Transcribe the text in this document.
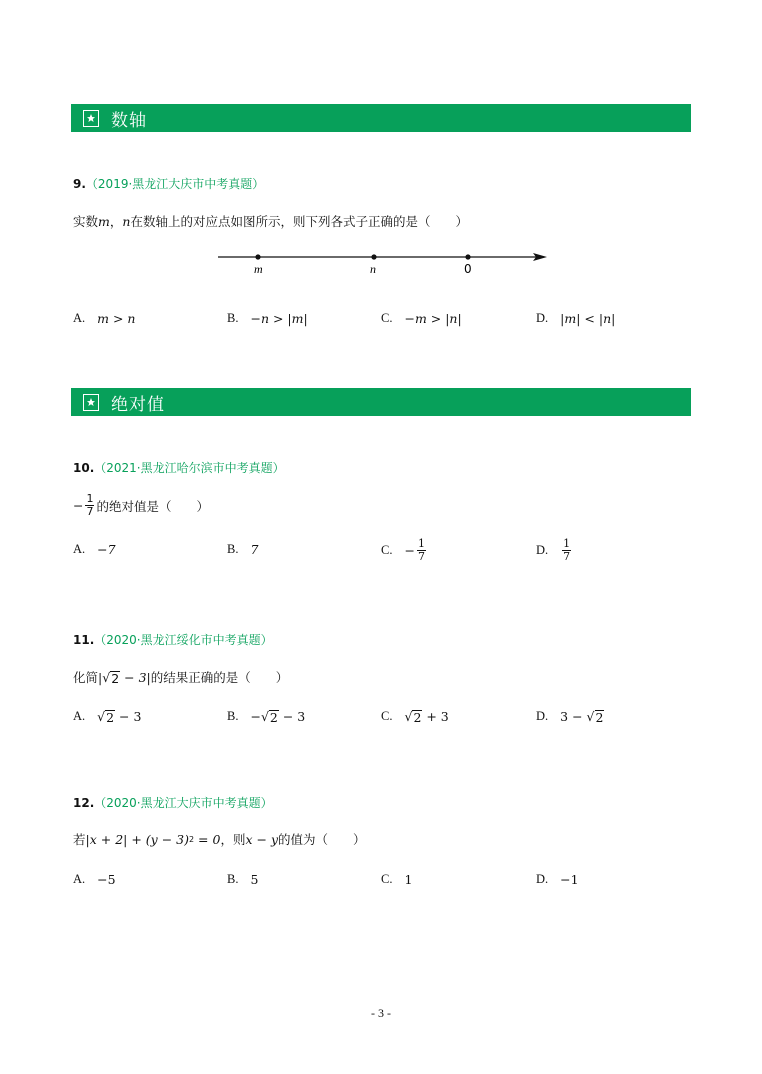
数轴
9.（2019·黑龙江大庆市中考真题）
实数 m ， n 在数轴上的对应点如图所示，则下列各式子正确的是（　　）
m	n	0
A. m > n	B. −n > |m|	C. −m > |n|	D. |m| < |n|
绝对值
10.（2021·黑龙江哈尔滨市中考真题）
− $\frac{1}{7}$ 的绝对值是（　　）
A. −7	B. 7	C. − $\frac{1}{7}$	D. $\frac{1}{7}$
11.（2020·黑龙江绥化市中考真题）
化简 | √ 2 − 3 | 的结果正确的是（　　）
A. √ 2 − 3	B. − √ 2 − 3	C. √ 2 + 3	D. 3 − √ 2
12.（2020·黑龙江大庆市中考真题）
若 |x + 2| + (y − 3) 2 = 0 ，则 x − y 的值为（　　）
A. −5	B. 5	C. 1	D. −1
- 3 -
